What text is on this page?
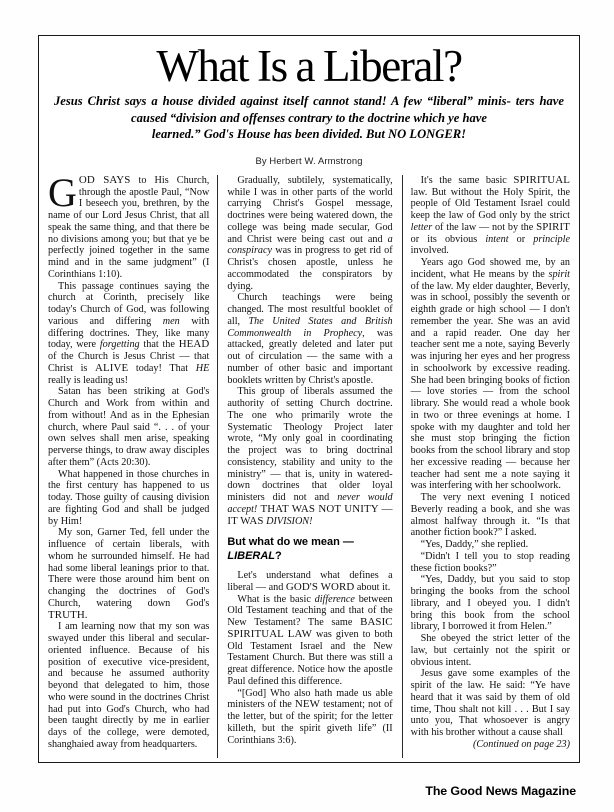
What Is a Liberal?
Jesus Christ says a house divided against itself cannot stand! A few “liberal” minis- ters have caused “division and offenses contrary to the doctrine which ye have
learned.” God's House has been divided. But NO LONGER!
By Herbert W. Armstrong

GOD SAYS to His Church, through the apostle Paul, “Now I beseech you, brethren, by the name of our Lord Jesus Christ, that all speak the same thing, and that there be no divisions among you; but that ye be perfectly joined together in the same mind and in the same judgment” (I Corinthians 1:10).

This passage continues saying the church at Corinth, precisely like today's Church of God, was following various and differing men with differing doctrines. They, like many today, were forgetting that the HEAD of the Church is Jesus Christ — that Christ is ALIVE today! That HE really is leading us!

Satan has been striking at God's Church and Work from within and from without! And as in the Ephesian church, where Paul said “. . . of your own selves shall men arise, speaking perverse things, to draw away disciples after them” (Acts 20:30).

What happened in those churches in the first century has happened to us today. Those guilty of causing division are fighting God and shall be judged by Him!

My son, Garner Ted, fell under the influence of certain liberals, with whom he surrounded himself. He had had some liberal leanings prior to that. There were those around him bent on changing the doctrines of God's Church, watering down God's TRUTH.

I am learning now that my son was swayed under this liberal and secular-oriented influence. Because of his position of executive vice-president, and because he assumed authority beyond that delegated to him, those who were sound in the doctrines Christ had put into God's Church, who had been taught directly by me in earlier days of the college, were demoted, shanghaied away from headquarters.

Gradually, subtilely, systematically, while I was in other parts of the world carrying Christ's Gospel message, doctrines were being watered down, the college was being made secular, God and Christ were being cast out and a conspiracy was in progress to get rid of Christ's chosen apostle, unless he accommodated the conspirators by dying.

Church teachings were being changed. The most resultful booklet of all, The United States and British Commonwealth in Prophecy, was attacked, greatly deleted and later put out of circulation — the same with a number of other basic and important booklets written by Christ's apostle.

This group of liberals assumed the authority of setting Church doctrine. The one who primarily wrote the Systematic Theology Project later wrote, “My only goal in coordinating the project was to bring doctrinal consistency, stability and unity to the ministry” — that is, unity in watered-down doctrines that older loyal ministers did not and never would accept! THAT WAS NOT UNITY — IT WAS DIVISION!

But what do we mean —
LIBERAL?

Let's understand what defines a liberal — and GOD'S WORD about it.

What is the basic difference between Old Testament teaching and that of the New Testament? The same BASIC SPIRITUAL LAW was given to both Old Testament Israel and the New Testament Church. But there was still a great difference. Notice how the apostle Paul defined this difference.

“[God] Who also hath made us able ministers of the NEW testament; not of the letter, but of the spirit; for the letter killeth, but the spirit giveth life” (II Corinthians 3:6).

It's the same basic SPIRITUAL law. But without the Holy Spirit, the people of Old Testament Israel could keep the law of God only by the strict letter of the law — not by the SPIRIT or its obvious intent or principle involved.

Years ago God showed me, by an incident, what He means by the spirit of the law. My elder daughter, Beverly, was in school, possibly the seventh or eighth grade or high school — I don't remember the year. She was an avid and a rapid reader. One day her teacher sent me a note, saying Beverly was injuring her eyes and her progress in schoolwork by excessive reading. She had been bringing books of fiction — love stories — from the school library. She would read a whole book in two or three evenings at home. I spoke with my daughter and told her she must stop bringing the fiction books from the school library and stop her excessive reading — because her teacher had sent me a note saying it was interfering with her schoolwork.

The very next evening I noticed Beverly reading a book, and she was almost halfway through it. “Is that another fiction book?” I asked.

“Yes, Daddy,” she replied.

“Didn't I tell you to stop reading these fiction books?”

“Yes, Daddy, but you said to stop bringing the books from the school library, and I obeyed you. I didn't bring this book from the school library, I borrowed it from Helen.”

She obeyed the strict letter of the law, but certainly not the spirit or obvious intent.

Jesus gave some examples of the spirit of the law. He said: “Ye have heard that it was said by them of old time, Thou shalt not kill . . . But I say unto you, That whosoever is angry with his brother without a cause shall

(Continued on page 23)

The Good News Magazine
